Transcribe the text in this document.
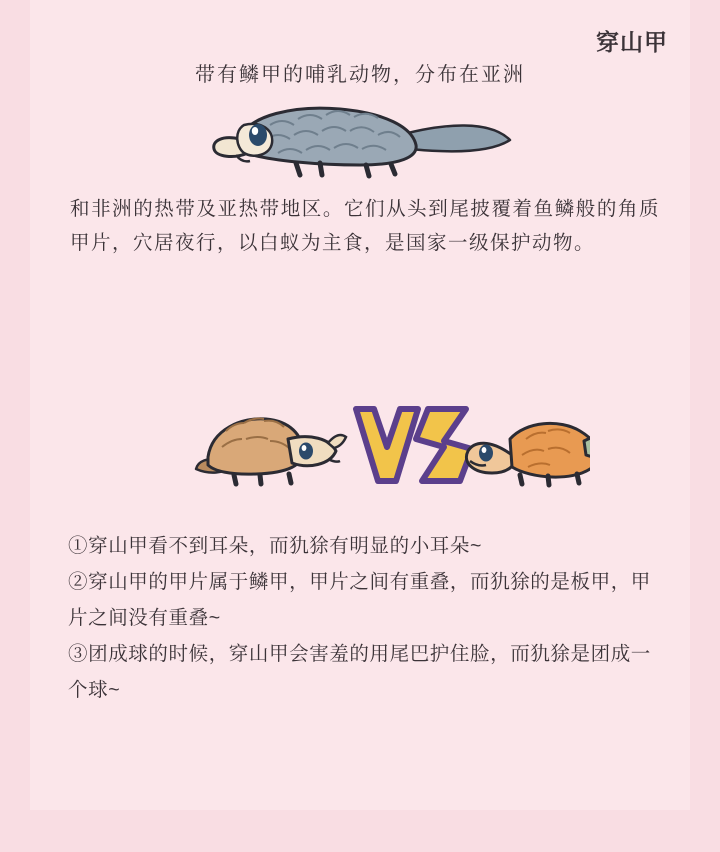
穿山甲
带有鳞甲的哺乳动物，分布在亚洲
和非洲的热带及亚热带地区。它们从头到尾披覆着鱼鳞般的角质甲片，穴居夜行，以白蚁为主食，是国家一级保护动物。
①穿山甲看不到耳朵，而犰狳有明显的小耳朵~
②穿山甲的甲片属于鳞甲，甲片之间有重叠，而犰狳的是板甲，甲片之间没有重叠~
③团成球的时候，穿山甲会害羞的用尾巴护住脸，而犰狳是团成一个球~
